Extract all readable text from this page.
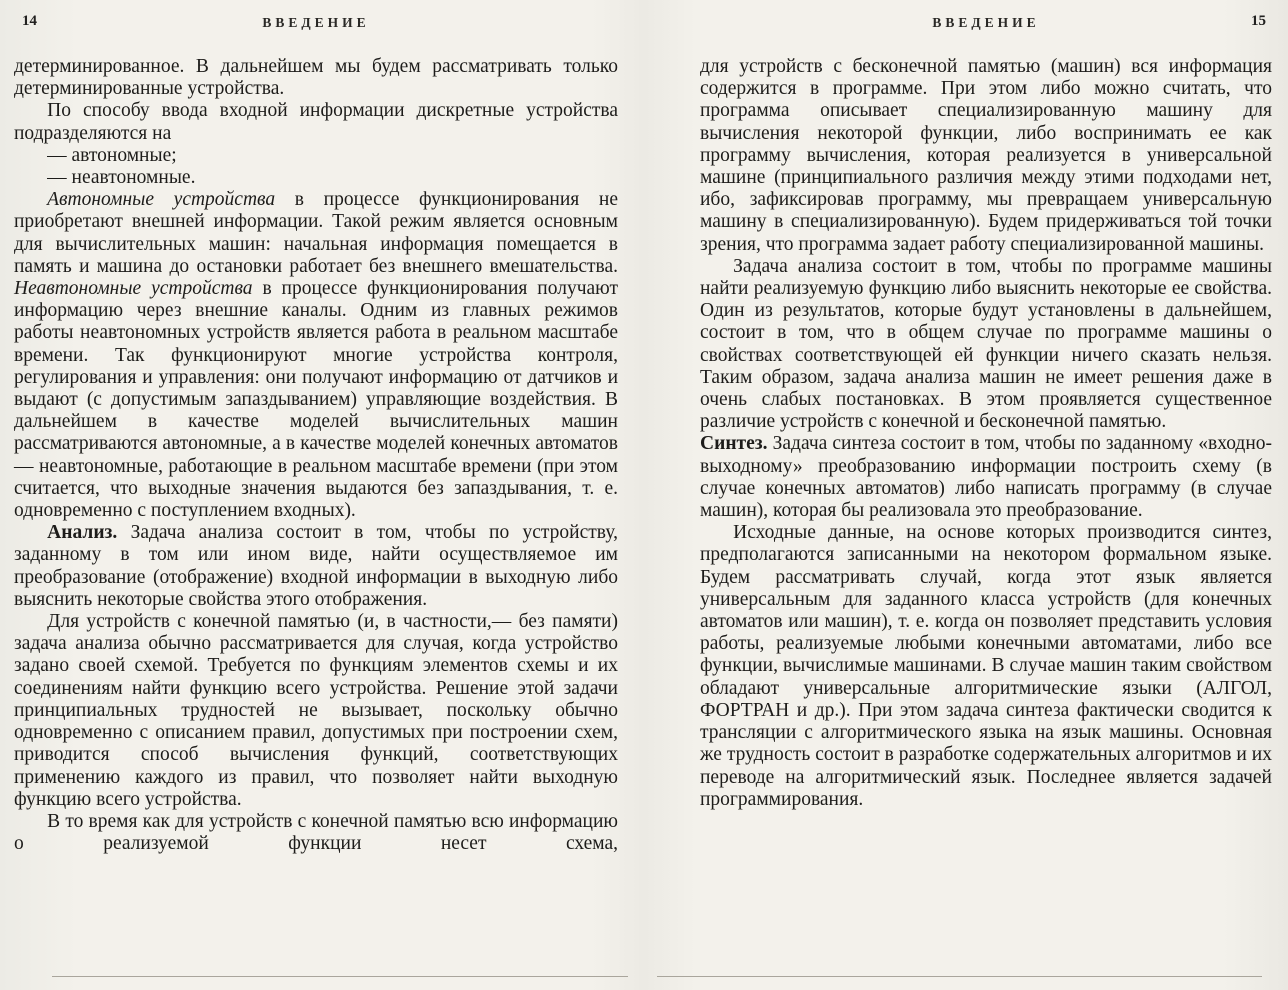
14	ВВЕДЕНИЕ

детерминированное. В дальнейшем мы будем рассматривать только детерминированные устройства.

По способу ввода входной информации дискретные устройства подразделяются на

— автономные;

— неавтономные.

Автономные устройства в процессе функционирования не приобретают внешней информации. Такой режим является основным для вычислительных машин: начальная информация помещается в память и машина до остановки работает без внешнего вмешательства. Неавтономные устройства в процессе функционирования получают информацию через внешние каналы. Одним из главных режимов работы неавтономных устройств является работа в реальном масштабе времени. Так функционируют многие устройства контроля, регулирования и управления: они получают информацию от датчиков и выдают (с допустимым запаздыванием) управляющие воздействия. В дальнейшем в качестве моделей вычислительных машин рассматриваются автономные, а в качестве моделей конечных автоматов — неавтономные, работающие в реальном масштабе времени (при этом считается, что выходные значения выдаются без запаздывания, т. е. одновременно с поступлением входных).

Анализ. Задача анализа состоит в том, чтобы по устройству, заданному в том или ином виде, найти осуществляемое им преобразование (отображение) входной информации в выходную либо выяснить некоторые свойства этого отображения.

Для устройств с конечной памятью (и, в частности,— без памяти) задача анализа обычно рассматривается для случая, когда устройство задано своей схемой. Требуется по функциям элементов схемы и их соединениям найти функцию всего устройства. Решение этой задачи принципиальных трудностей не вызывает, поскольку обычно одновременно с описанием правил, допустимых при построении схем, приводится способ вычисления функций, соответствующих применению каждого из правил, что позволяет найти выходную функцию всего устройства.

В то время как для устройств с конечной памятью всю информацию о реализуемой функции несет схема,

ВВЕДЕНИЕ	15

для устройств с бесконечной памятью (машин) вся информация содержится в программе. При этом либо можно считать, что программа описывает специализированную машину для вычисления некоторой функции, либо воспринимать ее как программу вычисления, которая реализуется в универсальной машине (принципиального различия между этими подходами нет, ибо, зафиксировав программу, мы превращаем универсальную машину в специализированную). Будем придерживаться той точки зрения, что программа задает работу специализированной машины.

Задача анализа состоит в том, чтобы по программе машины найти реализуемую функцию либо выяснить некоторые ее свойства. Один из результатов, которые будут установлены в дальнейшем, состоит в том, что в общем случае по программе машины о свойствах соответствующей ей функции ничего сказать нельзя. Таким образом, задача анализа машин не имеет решения даже в очень слабых постановках. В этом проявляется существенное различие устройств с конечной и бесконечной памятью.

Синтез. Задача синтеза состоит в том, чтобы по заданному «входно-выходному» преобразованию информации построить схему (в случае конечных автоматов) либо написать программу (в случае машин), которая бы реализовала это преобразование.

Исходные данные, на основе которых производится синтез, предполагаются записанными на некотором формальном языке. Будем рассматривать случай, когда этот язык является универсальным для заданного класса устройств (для конечных автоматов или машин), т. е. когда он позволяет представить условия работы, реализуемые любыми конечными автоматами, либо все функции, вычислимые машинами. В случае машин таким свойством обладают универсальные алгоритмические языки (АЛГОЛ, ФОРТРАН и др.). При этом задача синтеза фактически сводится к трансляции с алгоритмического языка на язык машины. Основная же трудность состоит в разработке содержательных алгоритмов и их переводе на алгоритмический язык. Последнее является задачей программирования.
